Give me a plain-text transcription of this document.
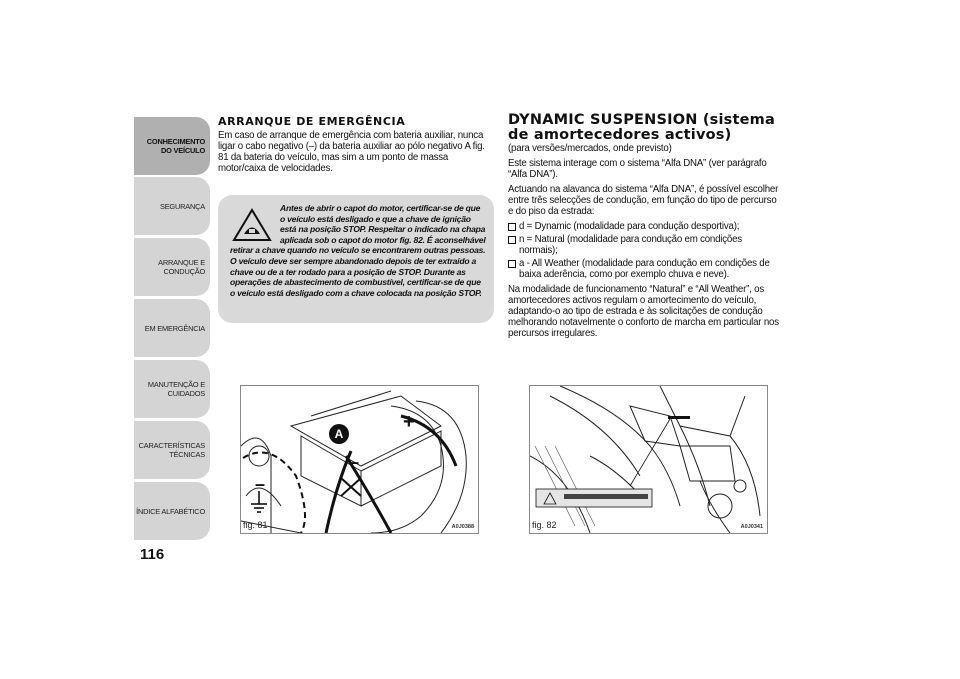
CONHECIMENTO
DO VEÍCULO
SEGURANÇA
ARRANQUE E
CONDUÇÃO
EM EMERGÊNCIA
MANUTENÇÃO E
CUIDADOS
CARACTERÍSTICAS
TÉCNICAS
ÍNDICE ALFABÉTICO
116
ARRANQUE DE EMERGÊNCIA

Em caso de arranque de emergência com bateria auxiliar, nunca ligar o cabo negativo (–) da bateria auxiliar ao pólo negativo A fig. 81 da bateria do veículo, mas sim a um ponto de massa motor/caixa de velocidades.

Antes de abrir o capot do motor, certificar-se de que o veículo está desligado e que a chave de ignição está na posição STOP. Respeitar o indicado na chapa aplicada sob o capot do motor fig. 82. É aconselhável retirar a chave quando no veículo se encontrarem outras pessoas. O veículo deve ser sempre abandonado depois de ter extraído a chave ou de a ter rodado para a posição de STOP. Durante as operações de abastecimento de combustível, certificar-se de que o veículo está desligado com a chave colocada na posição STOP.
A
+
–
–
fig. 81	A0J0388
DYNAMIC SUSPENSION (sistema de amortecedores activos)

(para versões/mercados, onde previsto)

Este sistema interage com o sistema “Alfa DNA” (ver parágrafo “Alfa DNA”).

Actuando na alavanca do sistema “Alfa DNA”, é possível escolher entre três selecções de condução, em função do tipo de percurso e do piso da estrada:

d = Dynamic (modalidade para condução desportiva);
n = Natural (modalidade para condução em condições normais);
a - All Weather (modalidade para condução em condições de baixa aderência, como por exemplo chuva e neve).

Na modalidade de funcionamento “Natural” e “All Weather”, os amortecedores activos regulam o amortecimento do veículo, adaptando-o ao tipo de estrada e às solicitações de condução melhorando notavelmente o conforto de marcha em particular nos percursos irregulares.

fig. 82	A0J0341
